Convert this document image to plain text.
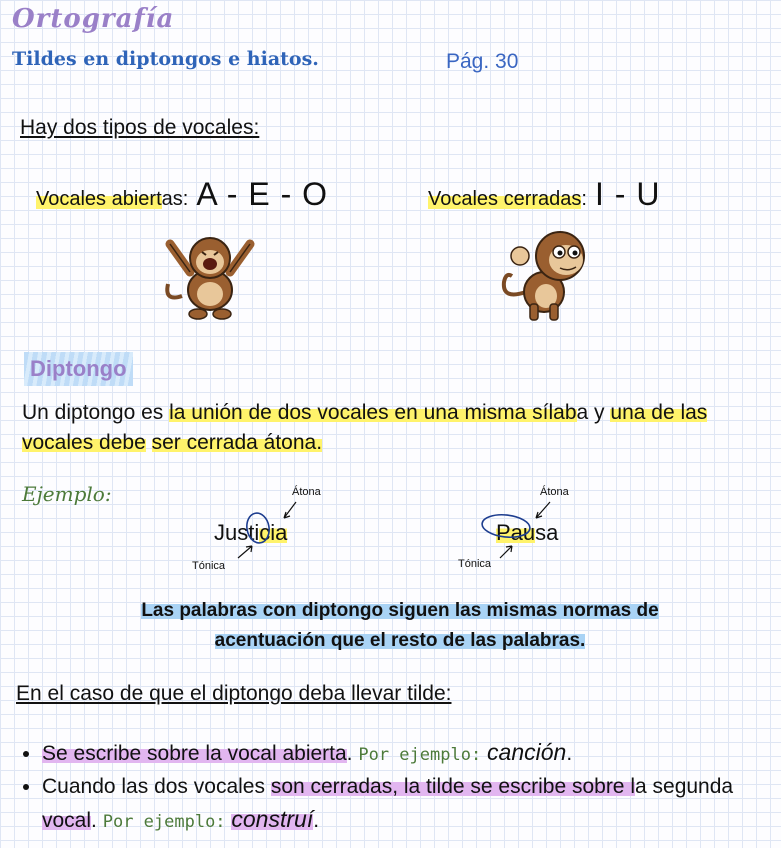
Ortografía
Tildes en diptongos e hiatos.	Pág. 30
Hay dos tipos de vocales:
Vocales abiert as: A - E - O	Vocales cerradas : I - U
Diptongo
Un diptongo es la unión de dos vocales en una misma sílaba y una de las vocales debe ser cerrada átona.
Ejemplo:	Átona
Justicia
Tónica
Átona
Pausa
Tónica
Las palabras con diptongo siguen las mismas normas de
acentuación que el resto de las palabras.
En el caso de que el diptongo deba llevar tilde:
• Se escribe sobre la vocal abierta. Por ejemplo: canción.
• Cuando las dos vocales son cerradas, la tilde se escribe sobre la segunda vocal. Por ejemplo: construí.
